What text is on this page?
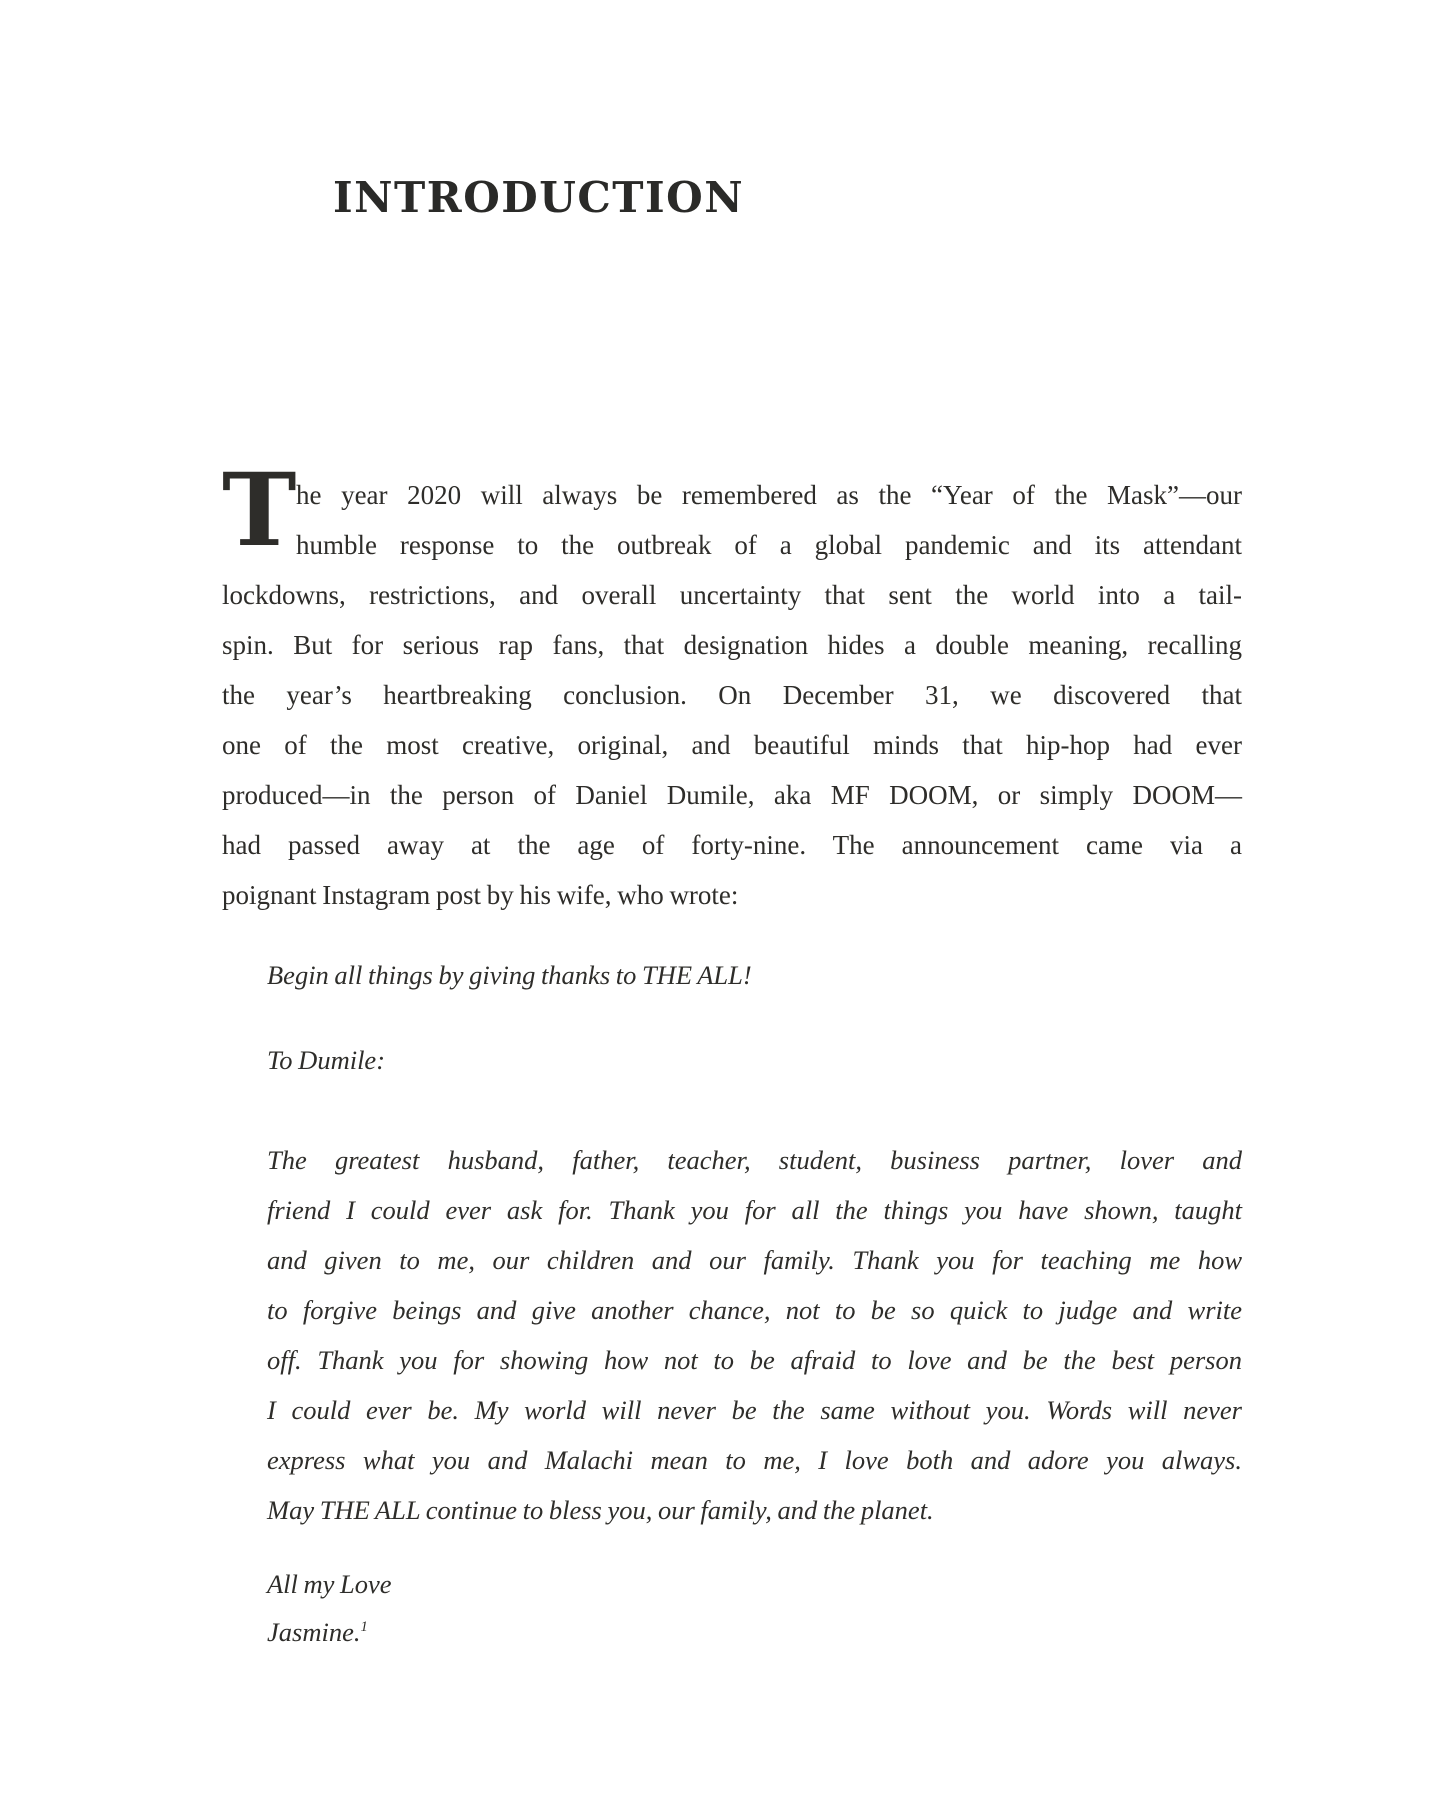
INTRODUCTION
T he year 2020 will always be remembered as the “Year of the Mask”—our
humble response to the outbreak of a global pandemic and its attendant
lockdowns, restrictions, and overall uncertainty that sent the world into a tail-
spin. But for serious rap fans, that designation hides a double meaning, recalling
the year’s heartbreaking conclusion. On December 31, we discovered that
one of the most creative, original, and beautiful minds that hip-hop had ever
produced—in the person of Daniel Dumile, aka MF DOOM, or simply DOOM—
had passed away at the age of forty-nine. The announcement came via a
poignant Instagram post by his wife, who wrote:
Begin all things by giving thanks to THE ALL!
To Dumile:
The greatest husband, father, teacher, student, business partner, lover and
friend I could ever ask for. Thank you for all the things you have shown, taught
and given to me, our children and our family. Thank you for teaching me how
to forgive beings and give another chance, not to be so quick to judge and write
off. Thank you for showing how not to be afraid to love and be the best person
I could ever be. My world will never be the same without you. Words will never
express what you and Malachi mean to me, I love both and adore you always.
May THE ALL continue to bless you, our family, and the planet.
All my Love
Jasmine.$^1$
